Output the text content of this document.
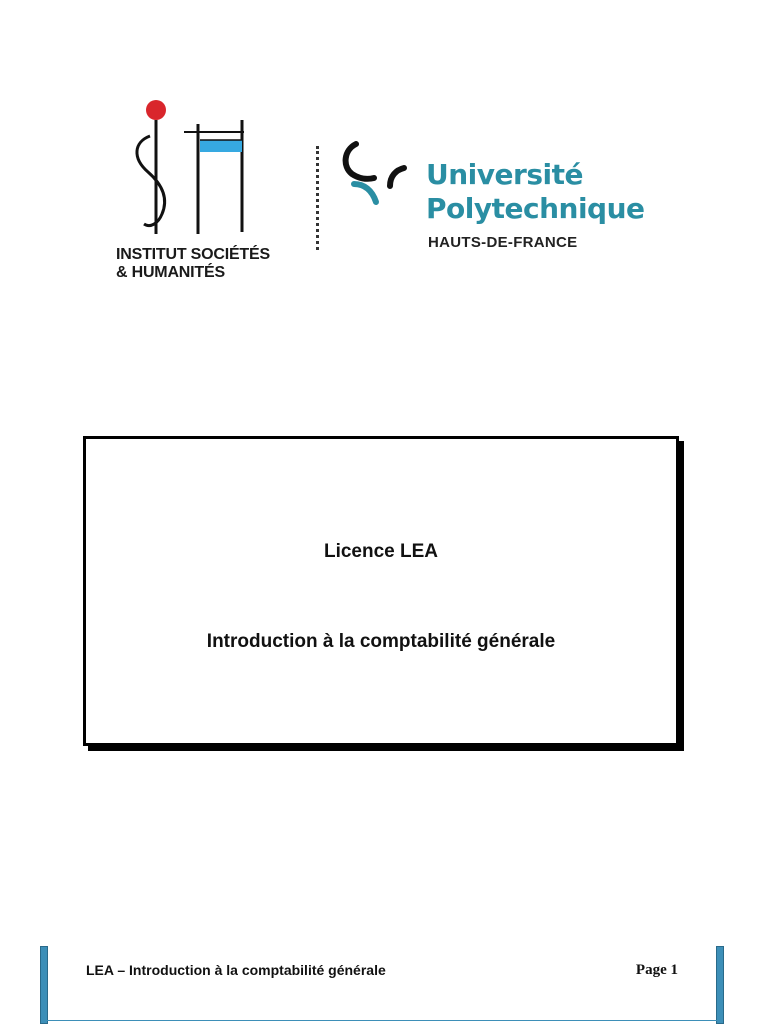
INSTITUT SOCIÉTÉS
& HUMANITÉS
Université
Polytechnique
HAUTS-DE-FRANCE
Licence LEA
Introduction à la comptabilité générale
LEA – Introduction à la comptabilité générale	Page 1
